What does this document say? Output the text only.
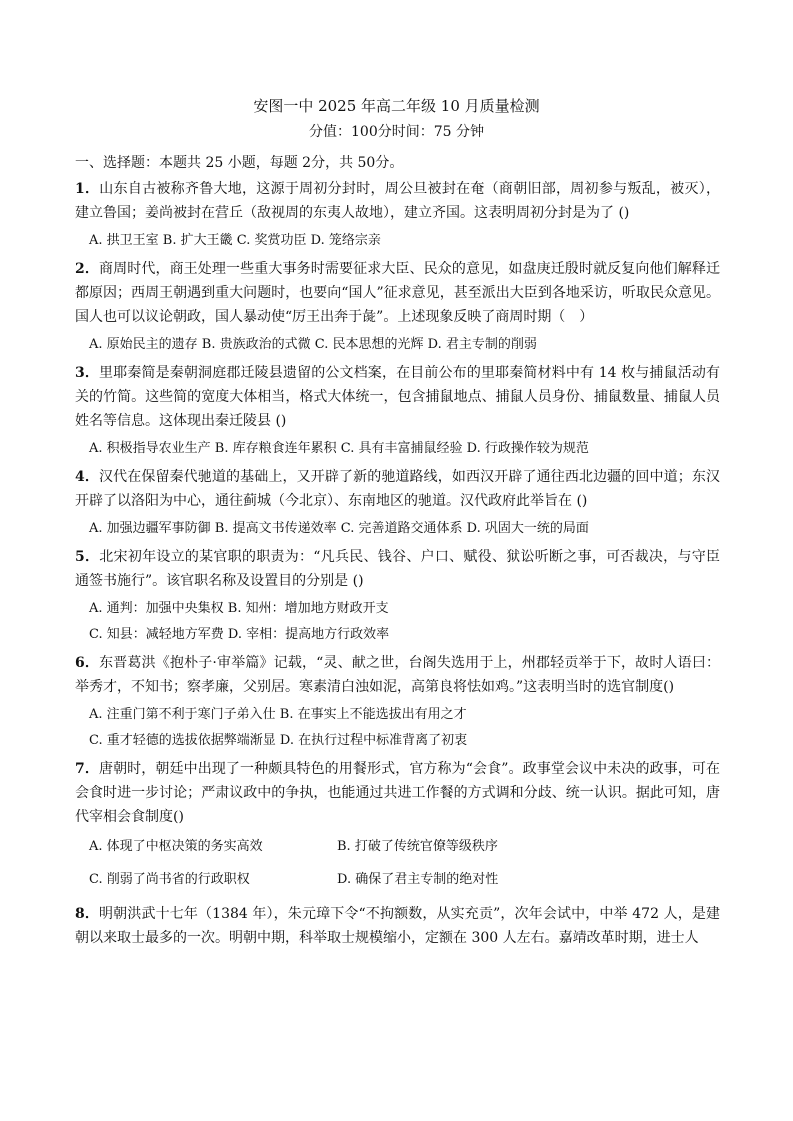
安图一中 2025 年高二年级 10 月质量检测
分值：100分时间：75 分钟
一、选择题：本题共 25 小题，每题 2分，共 50分。

1．山东自古被称齐鲁大地，这源于周初分封时，周公旦被封在奄（商朝旧部，周初参与叛乱，被灭），建立鲁国；姜尚被封在营丘（敌视周的东夷人故地），建立齐国。这表明周初分封是为了 ()

A. 拱卫王室 B. 扩大王畿 C. 奖赏功臣 D. 笼络宗亲

2．商周时代，商王处理一些重大事务时需要征求大臣、民众的意见，如盘庚迁殷时就反复向他们解释迁都原因；西周王朝遇到重大问题时，也要向“国人”征求意见，甚至派出大臣到各地采访，听取民众意见。国人也可以议论朝政，国人暴动使“厉王出奔于彘”。上述现象反映了商周时期（　）

A. 原始民主的遗存 B. 贵族政治的式微 C. 民本思想的光辉 D. 君主专制的削弱

3．里耶秦简是秦朝洞庭郡迁陵县遗留的公文档案，在目前公布的里耶秦简材料中有 14 枚与捕鼠活动有关的竹简。这些简的宽度大体相当，格式大体统一，包含捕鼠地点、捕鼠人员身份、捕鼠数量、捕鼠人员姓名等信息。这体现出秦迁陵县 ()

A. 积极指导农业生产 B. 库存粮食连年累积 C. 具有丰富捕鼠经验 D. 行政操作较为规范

4．汉代在保留秦代驰道的基础上，又开辟了新的驰道路线，如西汉开辟了通往西北边疆的回中道；东汉开辟了以洛阳为中心，通往蓟城（今北京）、东南地区的驰道。汉代政府此举旨在 ()

A. 加强边疆军事防御 B. 提高文书传递效率 C. 完善道路交通体系 D. 巩固大一统的局面

5．北宋初年设立的某官职的职责为：“凡兵民、钱谷、户口、赋役、狱讼听断之事，可否裁决，与守臣通签书施行”。该官职名称及设置目的分别是 ()

A. 通判：加强中央集权 B. 知州：增加地方财政开支
C. 知县：减轻地方军费 D. 宰相：提高地方行政效率

6．东晋葛洪《抱朴子·审举篇》记载，“灵、献之世，台阁失选用于上，州郡轻贡举于下，故时人语曰：举秀才，不知书；察孝廉，父别居。寒素清白浊如泥，高第良将怯如鸡。”这表明当时的选官制度()

A. 注重门第不利于寒门子弟入仕 B. 在事实上不能选拔出有用之才
C. 重才轻德的选拔依据弊端渐显 D. 在执行过程中标准背离了初衷

7．唐朝时，朝廷中出现了一种颇具特色的用餐形式，官方称为“会食”。政事堂会议中未决的政事，可在会食时进一步讨论；严肃议政中的争执，也能通过共进工作餐的方式调和分歧、统一认识。据此可知，唐代宰相会食制度()

A. 体现了中枢决策的务实高效	B. 打破了传统官僚等级秩序
C. 削弱了尚书省的行政职权	D. 确保了君主专制的绝对性

8．明朝洪武十七年（1384 年），朱元璋下令“不拘额数，从实充贡”，次年会试中，中举 472 人，是建朝以来取士最多的一次。明朝中期，科举取士规模缩小，定额在 300 人左右。嘉靖改革时期，进士人
